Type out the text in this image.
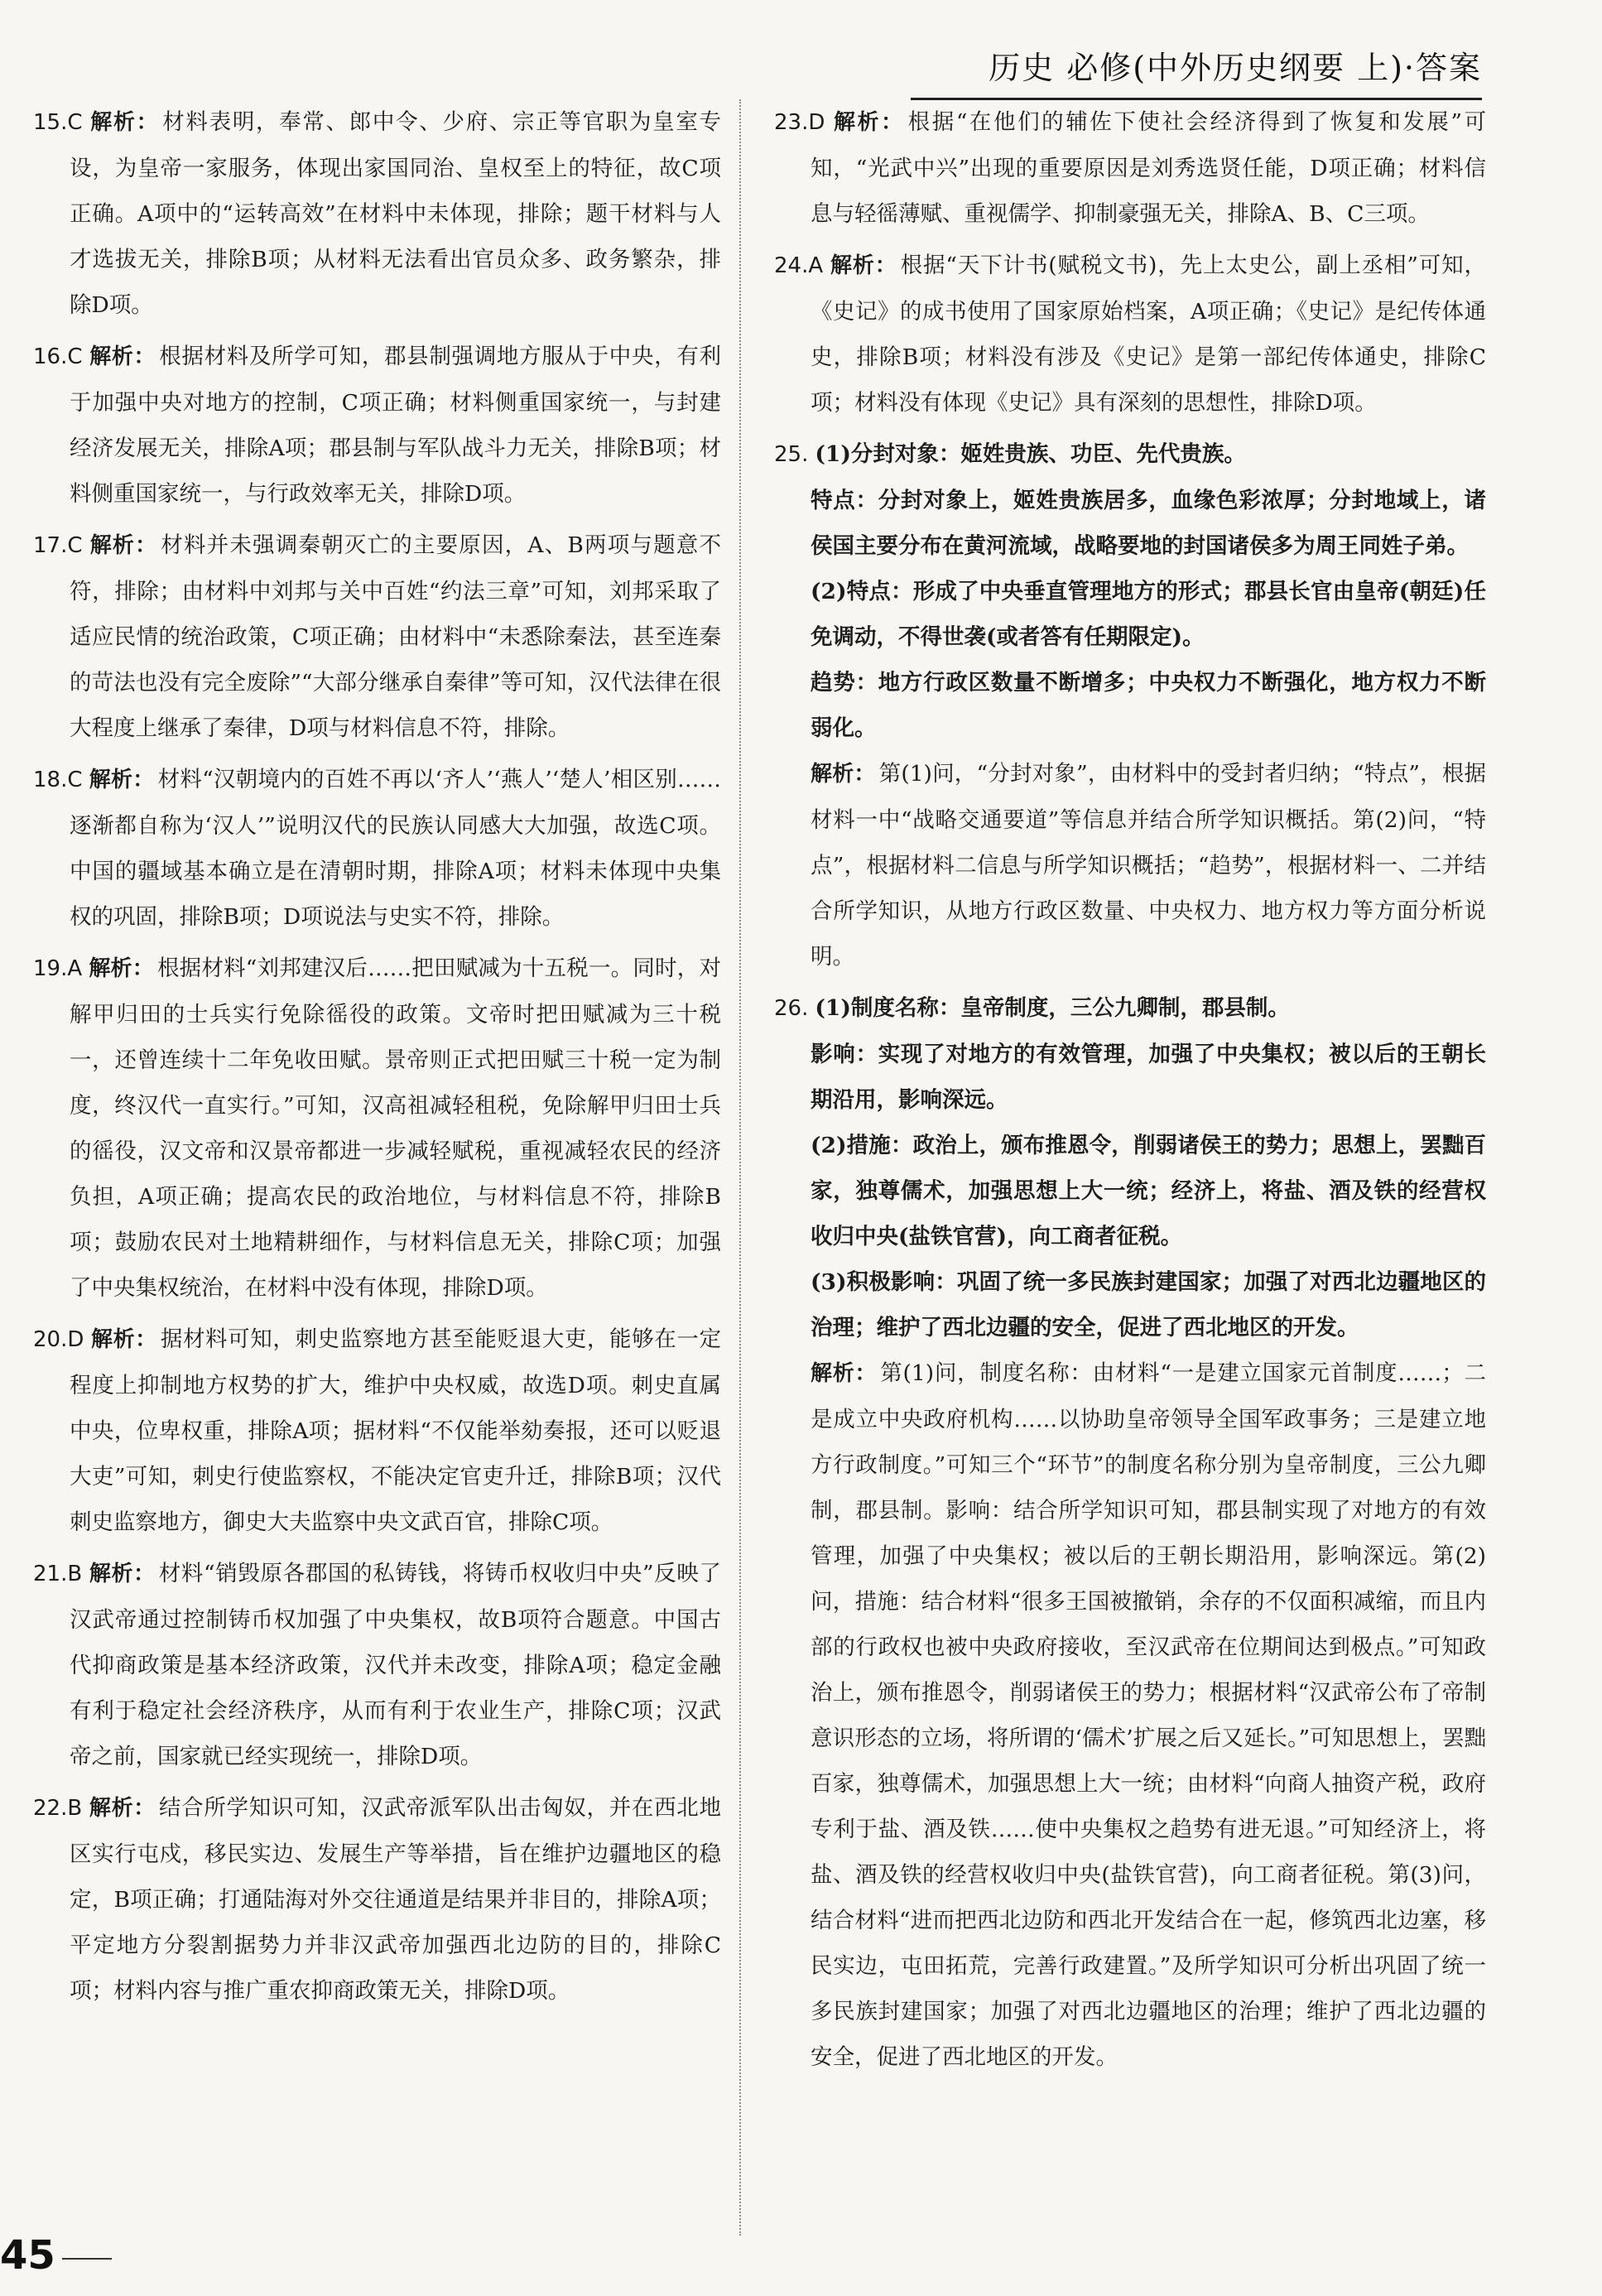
历史 必修(中外历史纲要 上)·答案
15.C 解析： 材料表明，奉常、郎中令、少府、宗正等官职为皇室专设，为皇帝一家服务，体现出家国同治、皇权至上的特征，故C项正确。A项中的“运转高效”在材料中未体现，排除；题干材料与人才选拔无关，排除B项；从材料无法看出官员众多、政务繁杂，排除D项。
16.C 解析： 根据材料及所学可知，郡县制强调地方服从于中央，有利于加强中央对地方的控制，C项正确；材料侧重国家统一，与封建经济发展无关，排除A项；郡县制与军队战斗力无关，排除B项；材料侧重国家统一，与行政效率无关，排除D项。
17.C 解析： 材料并未强调秦朝灭亡的主要原因，A、B两项与题意不符，排除；由材料中刘邦与关中百姓“约法三章”可知，刘邦采取了适应民情的统治政策，C项正确；由材料中“未悉除秦法，甚至连秦的苛法也没有完全废除”“大部分继承自秦律”等可知，汉代法律在很大程度上继承了秦律，D项与材料信息不符，排除。
18.C 解析： 材料“汉朝境内的百姓不再以‘齐人’‘燕人’‘楚人’相区别……逐渐都自称为‘汉人’”说明汉代的民族认同感大大加强，故选C项。中国的疆域基本确立是在清朝时期，排除A项；材料未体现中央集权的巩固，排除B项；D项说法与史实不符，排除。
19.A 解析： 根据材料“刘邦建汉后……把田赋减为十五税一。同时，对解甲归田的士兵实行免除徭役的政策。文帝时把田赋减为三十税一，还曾连续十二年免收田赋。景帝则正式把田赋三十税一定为制度，终汉代一直实行。”可知，汉高祖减轻租税，免除解甲归田士兵的徭役，汉文帝和汉景帝都进一步减轻赋税，重视减轻农民的经济负担，A项正确；提高农民的政治地位，与材料信息不符，排除B项；鼓励农民对土地精耕细作，与材料信息无关，排除C项；加强了中央集权统治，在材料中没有体现，排除D项。
20.D 解析： 据材料可知，刺史监察地方甚至能贬退大吏，能够在一定程度上抑制地方权势的扩大，维护中央权威，故选D项。刺史直属中央，位卑权重，排除A项；据材料“不仅能举劾奏报，还可以贬退大吏”可知，刺史行使监察权，不能决定官吏升迁，排除B项；汉代刺史监察地方，御史大夫监察中央文武百官，排除C项。
21.B 解析： 材料“销毁原各郡国的私铸钱，将铸币权收归中央”反映了汉武帝通过控制铸币权加强了中央集权，故B项符合题意。中国古代抑商政策是基本经济政策，汉代并未改变，排除A项；稳定金融有利于稳定社会经济秩序，从而有利于农业生产，排除C项；汉武帝之前，国家就已经实现统一，排除D项。
22.B 解析： 结合所学知识可知，汉武帝派军队出击匈奴，并在西北地区实行屯戍，移民实边、发展生产等举措，旨在维护边疆地区的稳定，B项正确；打通陆海对外交往通道是结果并非目的，排除A项；平定地方分裂割据势力并非汉武帝加强西北边防的目的，排除C项；材料内容与推广重农抑商政策无关，排除D项。
23.D 解析： 根据“在他们的辅佐下使社会经济得到了恢复和发展”可知，“光武中兴”出现的重要原因是刘秀选贤任能，D项正确；材料信息与轻徭薄赋、重视儒学、抑制豪强无关，排除A、B、C三项。
24.A 解析： 根据“天下计书(赋税文书)，先上太史公，副上丞相”可知，《史记》的成书使用了国家原始档案，A项正确；《史记》是纪传体通史，排除B项；材料没有涉及《史记》是第一部纪传体通史，排除C项；材料没有体现《史记》具有深刻的思想性，排除D项。
25. (1)分封对象：姬姓贵族、功臣、先代贵族。
特点：分封对象上，姬姓贵族居多，血缘色彩浓厚；分封地域上，诸侯国主要分布在黄河流域，战略要地的封国诸侯多为周王同姓子弟。
(2)特点：形成了中央垂直管理地方的形式；郡县长官由皇帝(朝廷)任免调动，不得世袭(或者答有任期限定)。
趋势：地方行政区数量不断增多；中央权力不断强化，地方权力不断弱化。
解析： 第(1)问，“分封对象”，由材料中的受封者归纳；“特点”，根据材料一中“战略交通要道”等信息并结合所学知识概括。第(2)问，“特点”，根据材料二信息与所学知识概括；“趋势”，根据材料一、二并结合所学知识，从地方行政区数量、中央权力、地方权力等方面分析说明。
26. (1)制度名称：皇帝制度，三公九卿制，郡县制。
影响：实现了对地方的有效管理，加强了中央集权；被以后的王朝长期沿用，影响深远。
(2)措施：政治上，颁布推恩令，削弱诸侯王的势力；思想上，罢黜百家，独尊儒术，加强思想上大一统；经济上，将盐、酒及铁的经营权收归中央(盐铁官营)，向工商者征税。
(3)积极影响：巩固了统一多民族封建国家；加强了对西北边疆地区的治理；维护了西北边疆的安全，促进了西北地区的开发。
解析： 第(1)问，制度名称：由材料“一是建立国家元首制度……；二是成立中央政府机构……以协助皇帝领导全国军政事务；三是建立地方行政制度。”可知三个“环节”的制度名称分别为皇帝制度，三公九卿制，郡县制。影响：结合所学知识可知，郡县制实现了对地方的有效管理，加强了中央集权；被以后的王朝长期沿用，影响深远。第(2)问，措施：结合材料“很多王国被撤销，余存的不仅面积减缩，而且内部的行政权也被中央政府接收，至汉武帝在位期间达到极点。”可知政治上，颁布推恩令，削弱诸侯王的势力；根据材料“汉武帝公布了帝制意识形态的立场，将所谓的‘儒术’扩展之后又延长。”可知思想上，罢黜百家，独尊儒术，加强思想上大一统；由材料“向商人抽资产税，政府专利于盐、酒及铁……使中央集权之趋势有进无退。”可知经济上，将盐、酒及铁的经营权收归中央(盐铁官营)，向工商者征税。第(3)问，结合材料“进而把西北边防和西北开发结合在一起，修筑西北边塞，移民实边，屯田拓荒，完善行政建置。”及所学知识可分析出巩固了统一多民族封建国家；加强了对西北边疆地区的治理；维护了西北边疆的安全，促进了西北地区的开发。
45
